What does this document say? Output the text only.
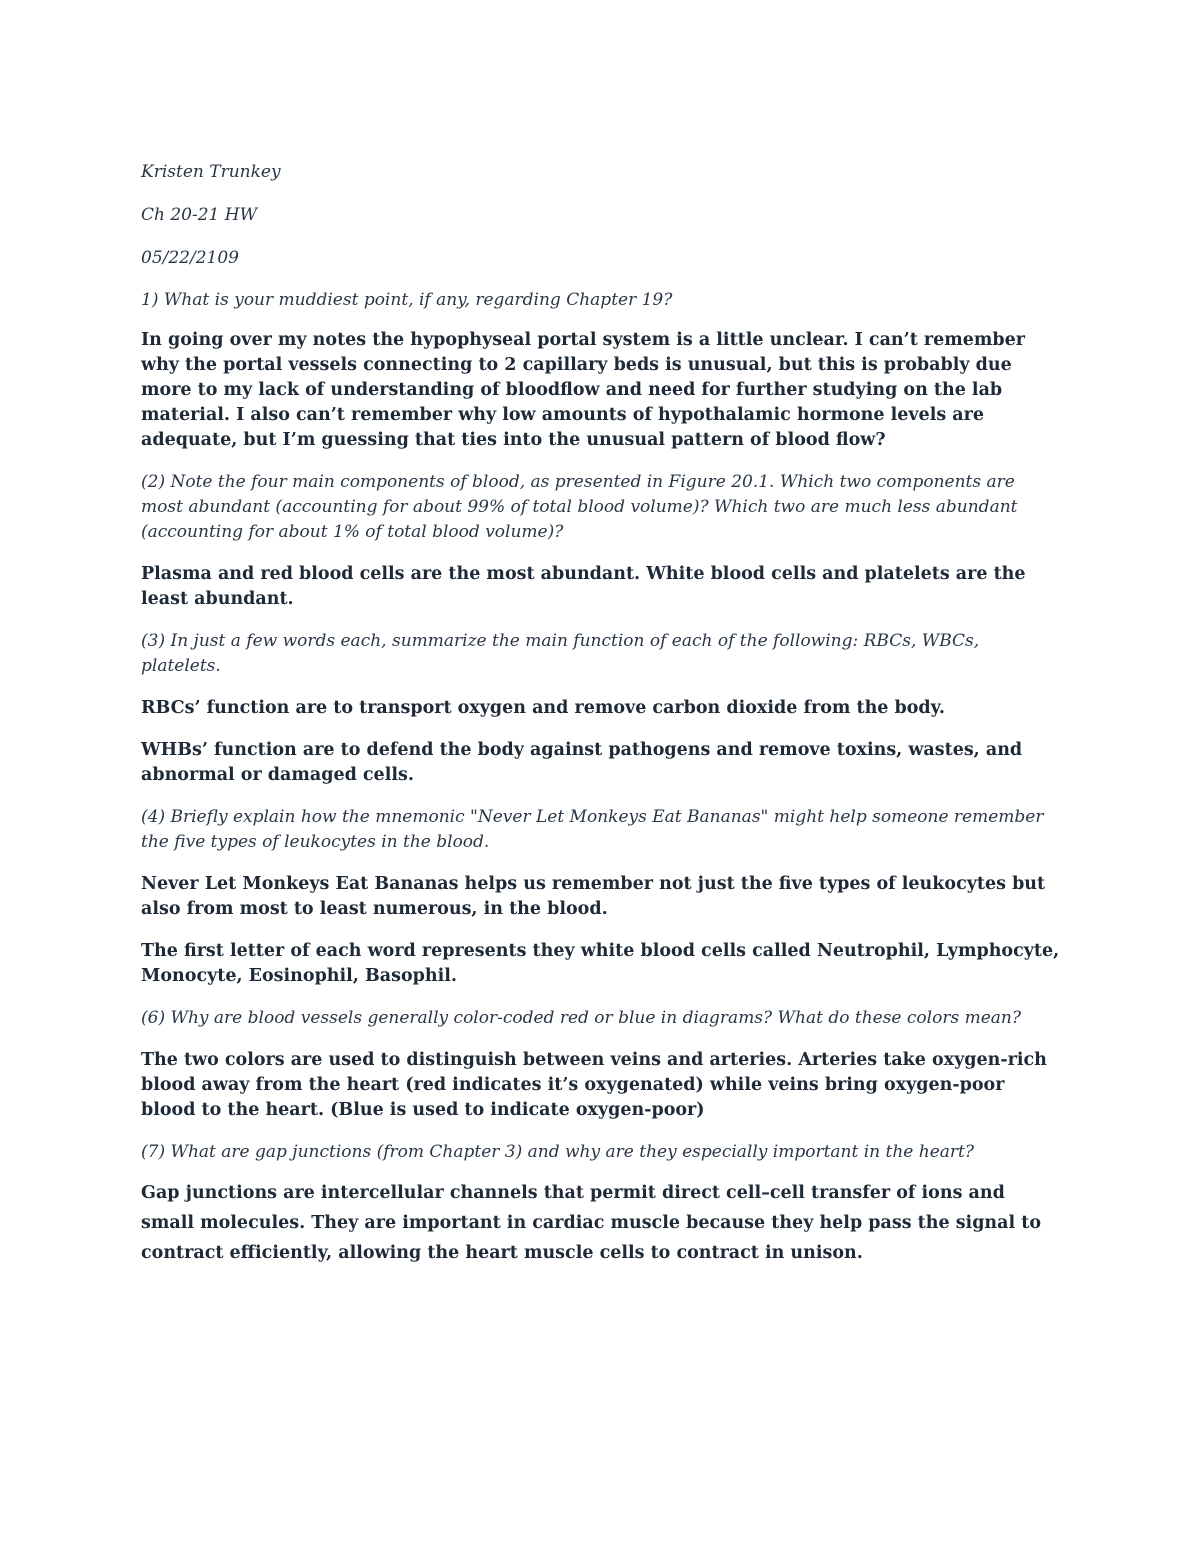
Kristen Trunkey

Ch 20-21 HW

05/22/2109

1) What is your muddiest point, if any, regarding Chapter 19?

In going over my notes the hypophyseal portal system is a little unclear. I can’t remember why the portal vessels connecting to 2 capillary beds is unusual, but this is probably due more to my lack of understanding of bloodflow and need for further studying on the lab material. I also can’t remember why low amounts of hypothalamic hormone levels are adequate, but I’m guessing that ties into the unusual pattern of blood flow?

(2) Note the four main components of blood, as presented in Figure 20.1. Which two components are most abundant (accounting for about 99% of total blood volume)? Which two are much less abundant (accounting for about 1% of total blood volume)?

Plasma and red blood cells are the most abundant. White blood cells and platelets are the least abundant.

(3) In just a few words each, summarize the main function of each of the following: RBCs, WBCs, platelets.

RBCs’ function are to transport oxygen and remove carbon dioxide from the body.

WHBs’ function are to defend the body against pathogens and remove toxins, wastes, and abnormal or damaged cells.

(4) Briefly explain how the mnemonic "Never Let Monkeys Eat Bananas" might help someone remember the five types of leukocytes in the blood.

Never Let Monkeys Eat Bananas helps us remember not just the five types of leukocytes but also from most to least numerous, in the blood.

The first letter of each word represents they white blood cells called Neutrophil, Lymphocyte, Monocyte, Eosinophil, Basophil.

(6) Why are blood vessels generally color-coded red or blue in diagrams? What do these colors mean?

The two colors are used to distinguish between veins and arteries. Arteries take oxygen-rich blood away from the heart (red indicates it’s oxygenated) while veins bring oxygen-poor blood to the heart. (Blue is used to indicate oxygen-poor)

(7) What are gap junctions (from Chapter 3) and why are they especially important in the heart?

Gap junctions are intercellular channels that permit direct cell–cell transfer of ions and small molecules. They are important in cardiac muscle because they help pass the signal to contract efficiently, allowing the heart muscle cells to contract in unison.
